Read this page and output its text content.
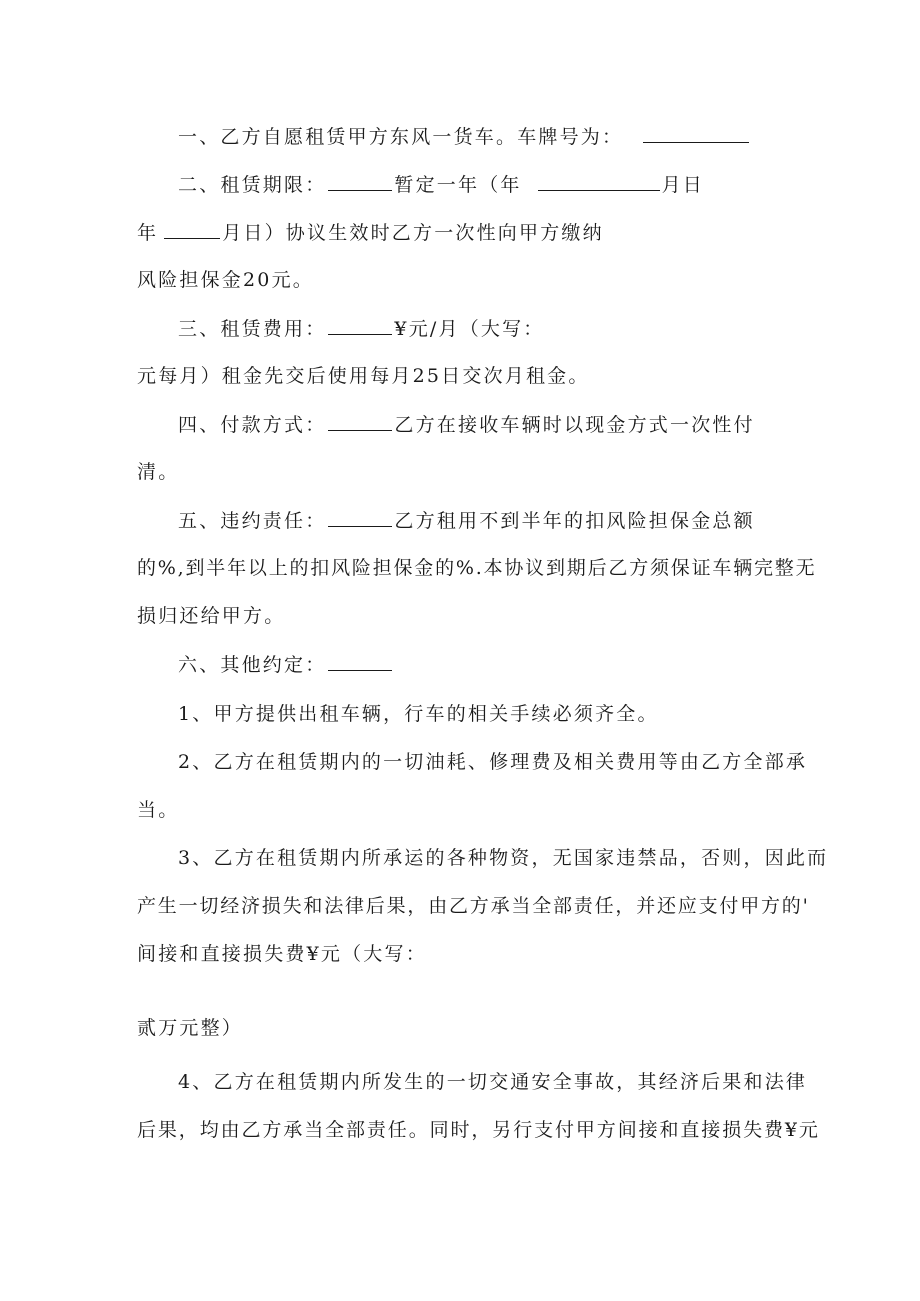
一、乙方自愿租赁甲方东风一货车。车牌号为：

二、租赁期限：	暂定一年（年	月日

年	月日）协议生效时乙方一次性向甲方缴纳

风险担保金20元。

三、租赁费用：	¥元/月（大写：

元每月）租金先交后使用每月25日交次月租金。

四、付款方式：	乙方在接收车辆时以现金方式一次性付

清。

五、违约责任：	乙方租用不到半年的扣风险担保金总额

的%,到半年以上的扣风险担保金的%.本协议到期后乙方须保证车辆完整无

损归还给甲方。

六、其他约定：

1、甲方提供出租车辆，行车的相关手续必须齐全。

2、乙方在租赁期内的一切油耗、修理费及相关费用等由乙方全部承

当。

3、乙方在租赁期内所承运的各种物资，无国家违禁品，否则，因此而

产生一切经济损失和法律后果，由乙方承当全部责任，并还应支付甲方的'

间接和直接损失费¥元（大写：

贰万元整）

4、乙方在租赁期内所发生的一切交通安全事故，其经济后果和法律

后果，均由乙方承当全部责任。同时，另行支付甲方间接和直接损失费¥元
